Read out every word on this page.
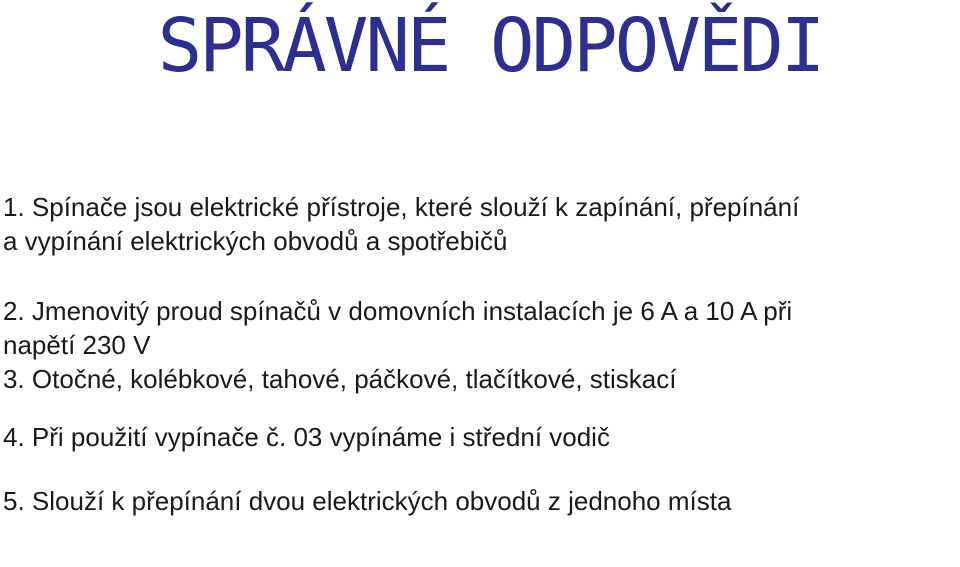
SPRÁVNÉ ODPOVĚDI

1. Spínače jsou elektrické přístroje, které slouží k zapínání, přepínání
a vypínání elektrických obvodů a spotřebičů

2. Jmenovitý proud spínačů v domovních instalacích je 6 A a 10 A při
napětí 230 V

3. Otočné, kolébkové, tahové, páčkové, tlačítkové, stiskací

4. Při použití vypínače č. 03 vypínáme i střední vodič

5. Slouží k přepínání dvou elektrických obvodů z jednoho místa
